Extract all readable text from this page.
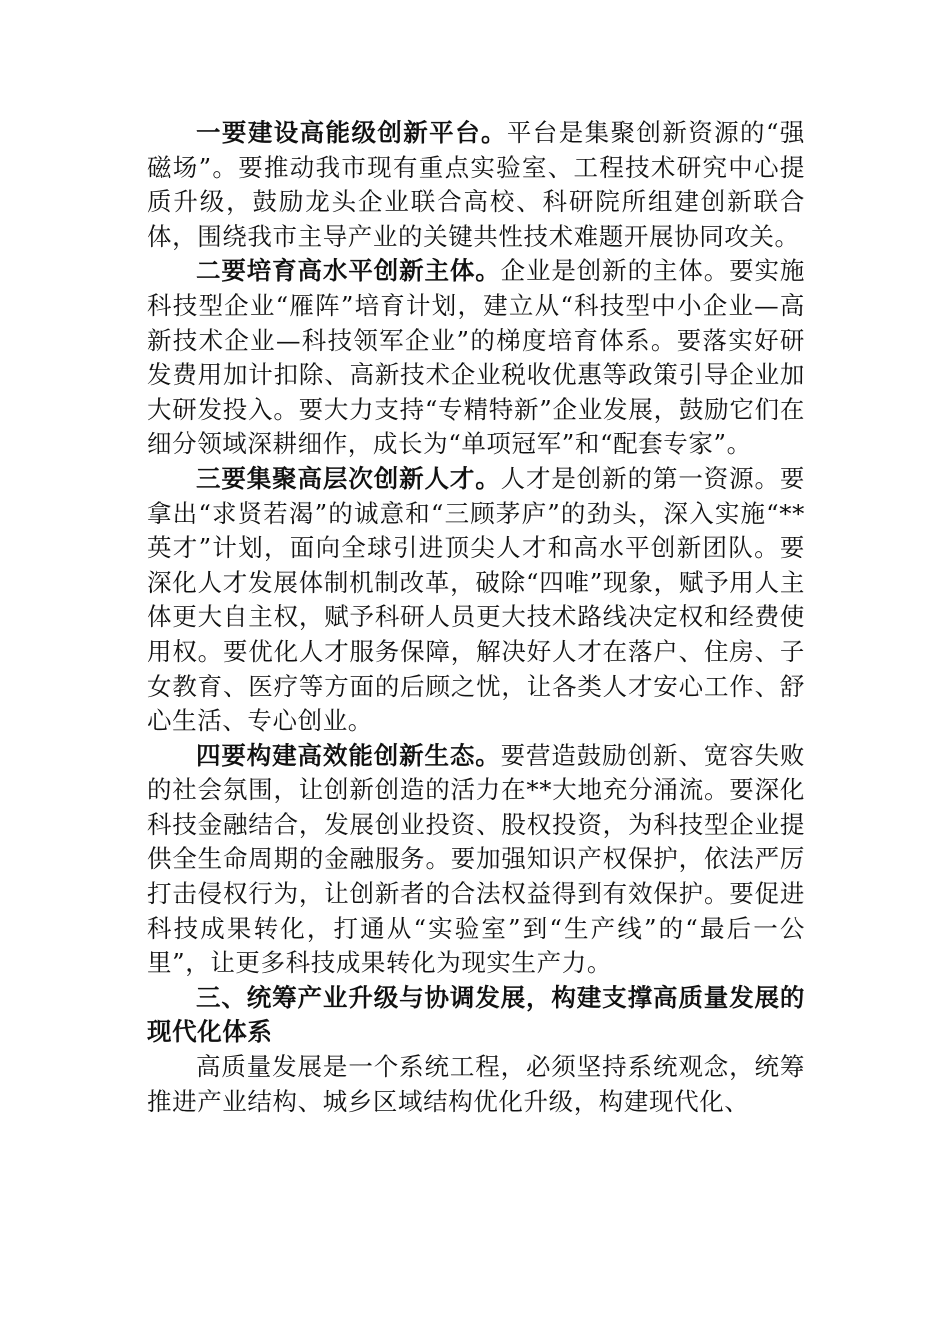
一要建设高能级创新平台。平台是集聚创新资源的“强磁场”。要推动我市现有重点实验室、工程技术研究中心提质升级，鼓励龙头企业联合高校、科研院所组建创新联合体，围绕我市主导产业的关键共性技术难题开展协同攻关。

二要培育高水平创新主体。企业是创新的主体。要实施科技型企业“雁阵”培育计划，建立从“科技型中小企业—高新技术企业—科技领军企业”的梯度培育体系。要落实好研发费用加计扣除、高新技术企业税收优惠等政策引导企业加大研发投入。要大力支持“专精特新”企业发展，鼓励它们在细分领域深耕细作，成长为“单项冠军”和“配套专家”。

三要集聚高层次创新人才。人才是创新的第一资源。要拿出“求贤若渴”的诚意和“三顾茅庐”的劲头，深入实施“**英才”计划，面向全球引进顶尖人才和高水平创新团队。要深化人才发展体制机制改革，破除“四唯”现象，赋予用人主体更大自主权，赋予科研人员更大技术路线决定权和经费使用权。要优化人才服务保障，解决好人才在落户、住房、子女教育、医疗等方面的后顾之忧，让各类人才安心工作、舒心生活、专心创业。

四要构建高效能创新生态。要营造鼓励创新、宽容失败的社会氛围，让创新创造的活力在**大地充分涌流。要深化科技金融结合，发展创业投资、股权投资，为科技型企业提供全生命周期的金融服务。要加强知识产权保护，依法严厉打击侵权行为，让创新者的合法权益得到有效保护。要促进科技成果转化，打通从“实验室”到“生产线”的“最后一公里”，让更多科技成果转化为现实生产力。

三、统筹产业升级与协调发展，构建支撑高质量发展的现代化体系

高质量发展是一个系统工程，必须坚持系统观念，统筹推进产业结构、城乡区域结构优化升级，构建现代化、
